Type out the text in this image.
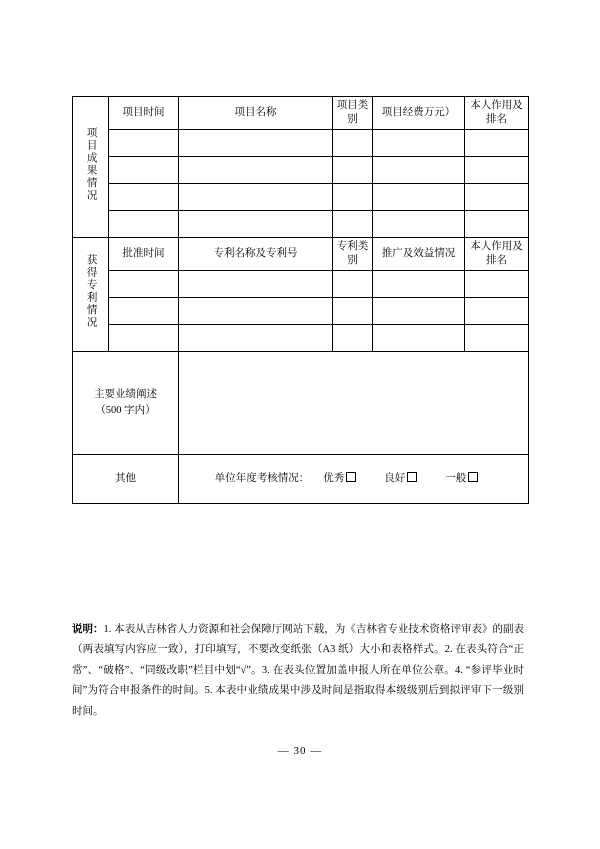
项目成果情况	项目时间	项目名称	项目类别	项目经费万元）	本人作用及排名

获得专利情况	批准时间	专利名称及专利号	专利类别	推广及效益情况	本人作用及排名

主要业绩阐述
（500 字内）					

其他		单位年度考核情况： 优秀 良好 一般			

说明：1. 本表从吉林省人力资源和社会保障厅网站下载，为《吉林省专业技术资格评审表》的副表（两表填写内容应一致），打印填写，不要改变纸张（A3 纸）大小和表格样式。2. 在表头符合“正常”、“破格”、“同级改职”栏目中划“√”。3. 在表头位置加盖申报人所在单位公章。4. “参评毕业时间”为符合申报条件的时间。5. 本表中业绩成果中涉及时间是指取得本级级别后到拟评审下一级别时间。

— 30 —
